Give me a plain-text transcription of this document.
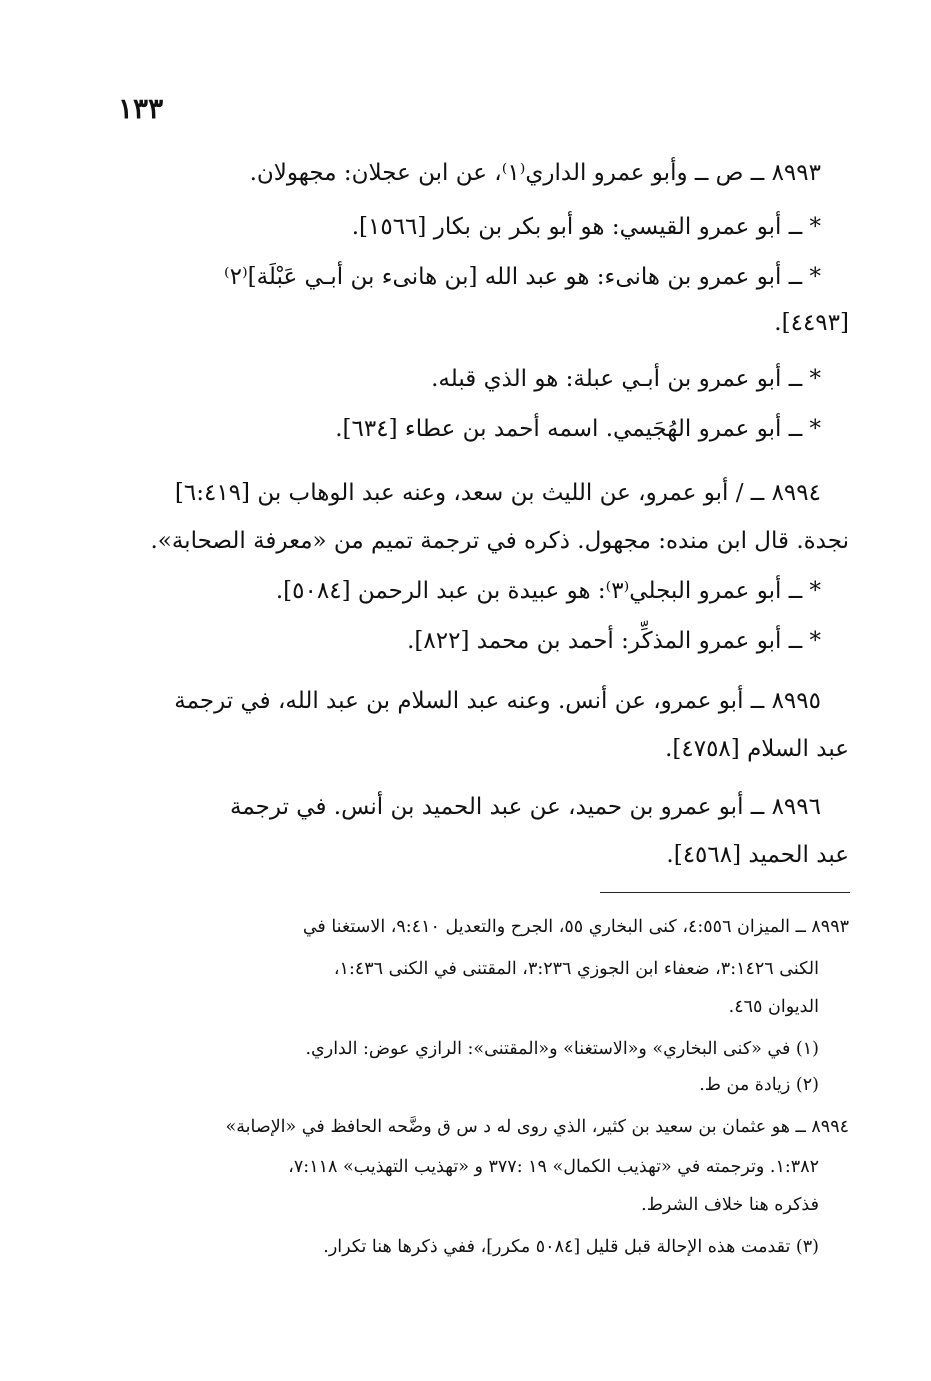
١٣٣
٨٩٩٣ ــ ص ــ وأبو عمرو الداري⁽١⁾، عن ابن عجلان: مجهولان.
* ــ أبو عمرو القيسي: هو أبو بكر بن بكار [١٥٦٦].
* ــ أبو عمرو بن هانىء: هو عبد الله [بن هانىء بن أبـي عَبْلَة]⁽٢⁾
[٤٤٩٣].
* ــ أبو عمرو بن أبـي عبلة: هو الذي قبله.
* ــ أبو عمرو الهُجَيمي. اسمه أحمد بن عطاء [٦٣٤].
٨٩٩٤ ــ / أبو عمرو، عن الليث بن سعد، وعنه عبد الوهاب بن [٦:٤١٩]
نجدة. قال ابن منده: مجهول. ذكره في ترجمة تميم من «معرفة الصحابة».
* ــ أبو عمرو البجلي⁽٣⁾: هو عبيدة بن عبد الرحمن [٥٠٨٤].
* ــ أبو عمرو المذكِّر: أحمد بن محمد [٨٢٢].
٨٩٩٥ ــ أبو عمرو، عن أنس. وعنه عبد السلام بن عبد الله، في ترجمة
عبد السلام [٤٧٥٨].
٨٩٩٦ ــ أبو عمرو بن حميد، عن عبد الحميد بن أنس. في ترجمة
عبد الحميد [٤٥٦٨].
٨٩٩٣ ــ الميزان ٤:٥٥٦، كنى البخاري ٥٥، الجرح والتعديل ٩:٤١٠، الاستغنا في
الكنى ٣:١٤٢٦، ضعفاء ابن الجوزي ٣:٢٣٦، المقتنى في الكنى ١:٤٣٦،
الديوان ٤٦٥.
(١) في «كنى البخاري» و«الاستغنا» و«المقتنى»: الرازي عوض: الداري.
(٢) زيادة من ط.
٨٩٩٤ ــ هو عثمان بن سعيد بن كثير، الذي روى له د س ق وضَّحه الحافظ في «الإصابة»
١:٣٨٢. وترجمته في «تهذيب الكمال» ١٩ :٣٧٧ و «تهذيب التهذيب» ٧:١١٨،
فذكره هنا خلاف الشرط.
(٣) تقدمت هذه الإحالة قبل قليل [٥٠٨٤ مكرر]، ففي ذكرها هنا تكرار.
